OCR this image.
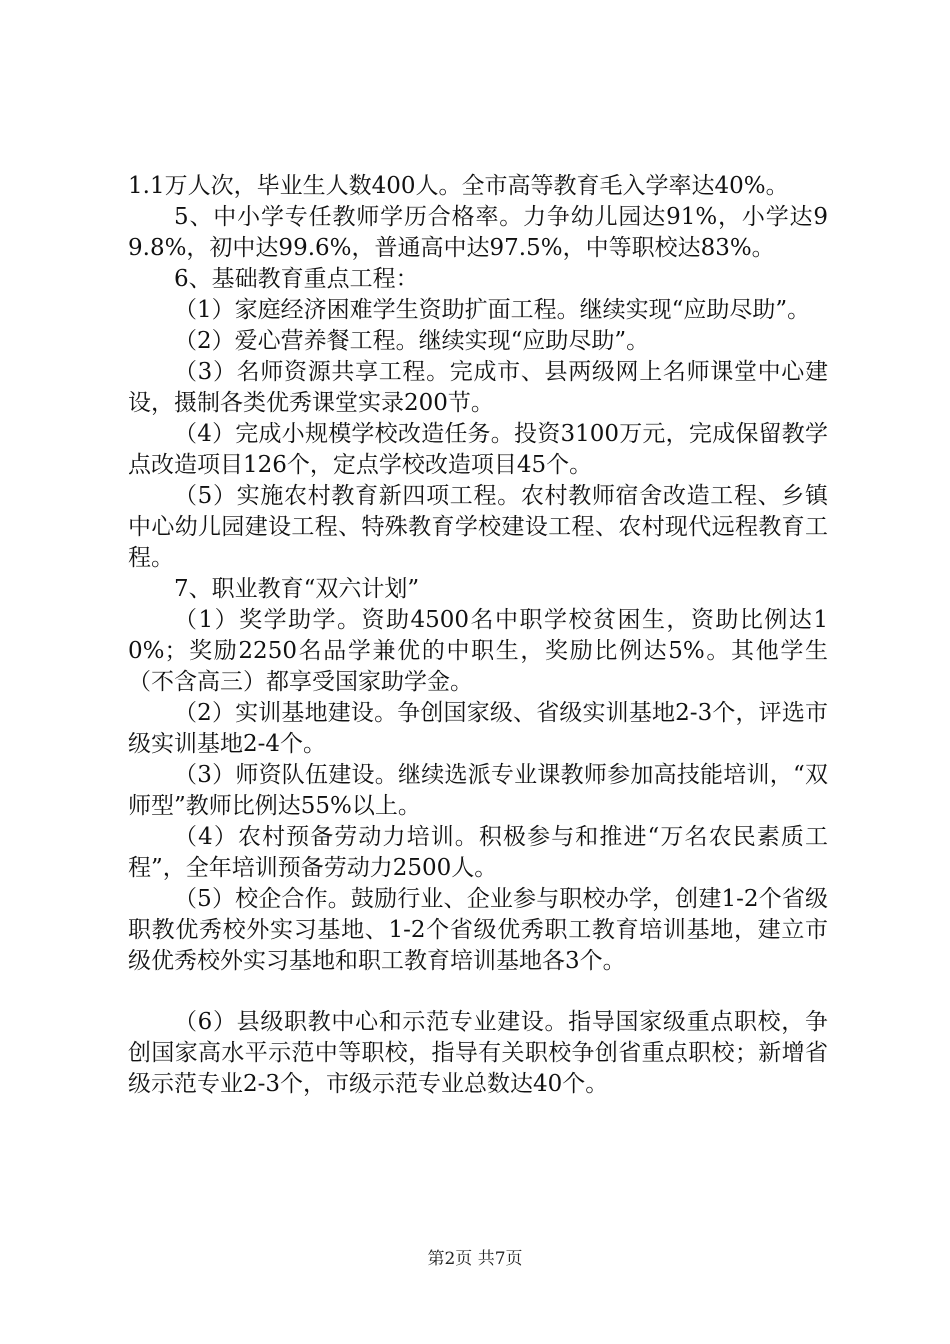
1.1万人次，毕业生人数400人。全市高等教育毛入学率达40%。

5、中小学专任教师学历合格率。力争幼儿园达91%，小学达99.8%，初中达99.6%，普通高中达97.5%，中等职校达83%。

6、基础教育重点工程：

（1）家庭经济困难学生资助扩面工程。继续实现“应助尽助”。

（2）爱心营养餐工程。继续实现“应助尽助”。

（3）名师资源共享工程。完成市、县两级网上名师课堂中心建设，摄制各类优秀课堂实录200节。

（4）完成小规模学校改造任务。投资3100万元，完成保留教学点改造项目126个，定点学校改造项目45个。

（5）实施农村教育新四项工程。农村教师宿舍改造工程、乡镇中心幼儿园建设工程、特殊教育学校建设工程、农村现代远程教育工程。

7、职业教育“双六计划”

（1）奖学助学。资助4500名中职学校贫困生，资助比例达10%；奖励2250名品学兼优的中职生，奖励比例达5%。其他学生（不含高三）都享受国家助学金。

（2）实训基地建设。争创国家级、省级实训基地2-3个，评选市级实训基地2-4个。

（3）师资队伍建设。继续选派专业课教师参加高技能培训，“双师型”教师比例达55%以上。

（4）农村预备劳动力培训。积极参与和推进“万名农民素质工程”，全年培训预备劳动力2500人。

（5）校企合作。鼓励行业、企业参与职校办学，创建1-2个省级职教优秀校外实习基地、1-2个省级优秀职工教育培训基地，建立市级优秀校外实习基地和职工教育培训基地各3个。

（6）县级职教中心和示范专业建设。指导国家级重点职校，争创国家高水平示范中等职校，指导有关职校争创省重点职校；新增省级示范专业2-3个，市级示范专业总数达40个。

第2页 共7页
